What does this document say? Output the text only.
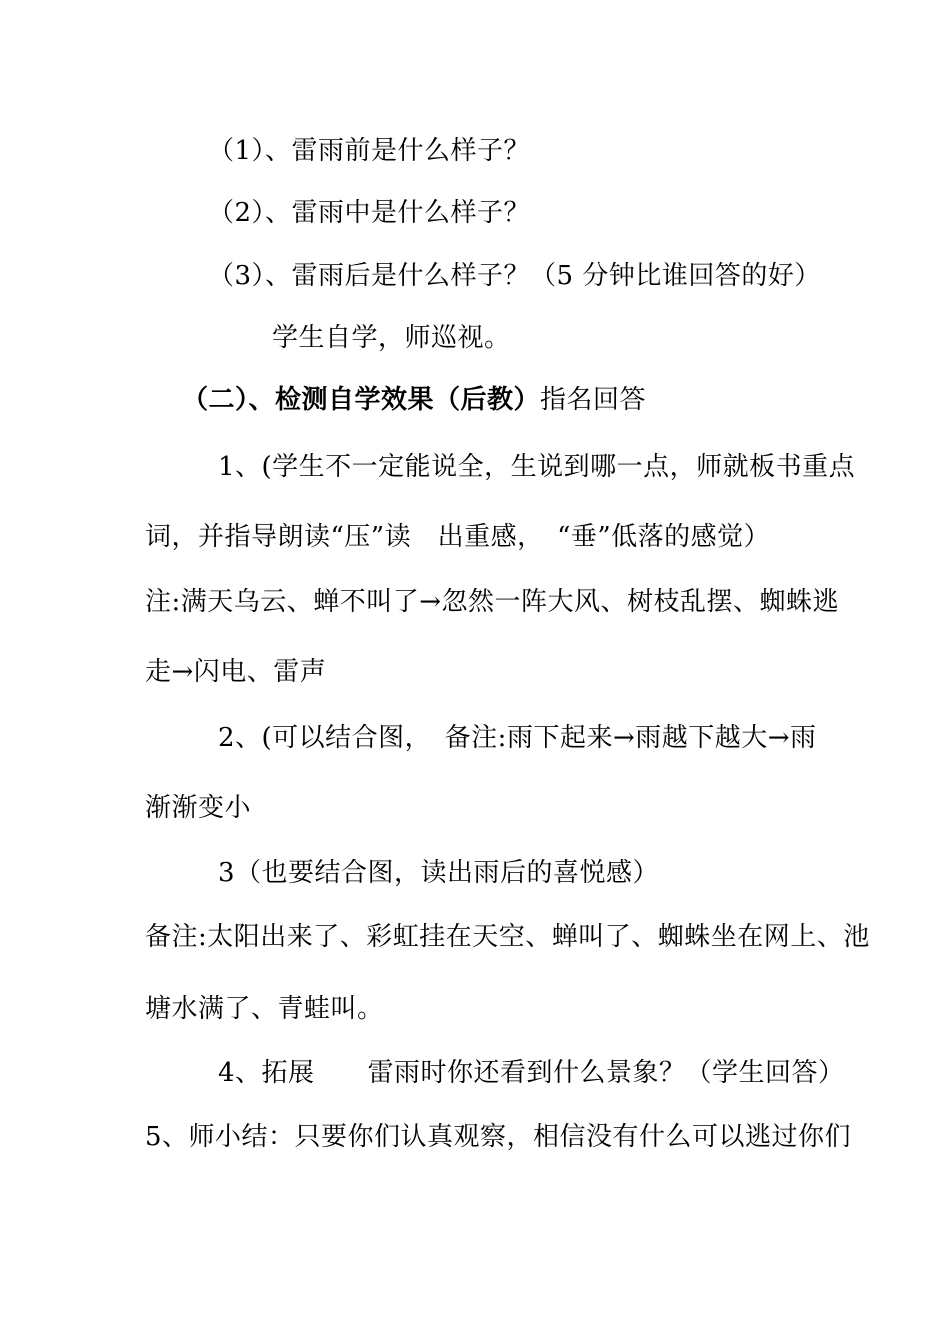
（1）、雷雨前是什么样子？
（2）、雷雨中是什么样子？
（3）、雷雨后是什么样子？（5 分钟比谁回答的好）
学生自学，师巡视。
（二）、检测自学效果（后教）指名回答
1、(学生不一定能说全，生说到哪一点，师就板书重点
词，并指导朗读“压”读　出重感，　“垂”低落的感觉）
注:满天乌云、蝉不叫了→忽然一阵大风、树枝乱摆、蜘蛛逃
走→闪电、雷声
2、(可以结合图，　备注:雨下起来→雨越下越大→雨
渐渐变小
3（也要结合图，读出雨后的喜悦感）
备注:太阳出来了、彩虹挂在天空、蝉叫了、蜘蛛坐在网上、池
塘水满了、青蛙叫。
4、拓展　　雷雨时你还看到什么景象？（学生回答）
5、师小结：只要你们认真观察，相信没有什么可以逃过你们
